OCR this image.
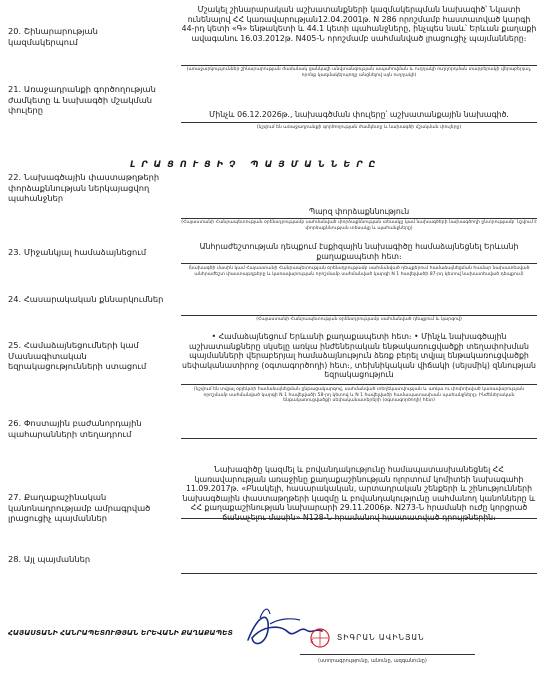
20. Շինարարության կազմակերպում
Մշակել շինարարական աշխատանքների կազմակերպման նախագիծ՝ Նկատի ունենալով ՀՀ կառավարության12.04.2001թ. N 286 որոշմամբ հաստատված կարգի 44-րդ կետի «Գ» ենթակետի և 44.1 կետի պահանջները, ինչպես նաև՝ Երևան քաղաքի ավագանու 16.03.2012թ. N405-Ն որոշմամբ սահմանված լրացուցիչ պայմանները։
(առաջարկություններ շինարարության ժամանակ ցանկալի անվտանգության ապահովման և ուղղակի ուղղորդման տարբերակի վերաբերյալ, որոնք կազմակերպողը անցնելով այն ուղղակի)
21. Առաջադրանքի գործողության ժամկետը և նախագծի մշակման փուլերը	Մինչև 06.12.2026թ., նախագծման փուլերը՝ աշխատանքային նախագիծ.
(նշվում են առաջադրանքի գործողության ժամկետը և նախագծի մշակման փուլերը)
ԼՐԱՑՈՒՑԻՉ ՊԱՅՄԱՆՆԵՐԸ
22. Նախագծային փաստաթղթերի փորձաքննության ներկայացվող պահանջներ
Պարզ փորձաքննություն
(Հայաստանի Հանրապետության օրենսդրությամբ սահմանված փորձաքննության տեսակը կամ նախագծերի նախագծողի ընտրությամբ՝ նշվում է փորձաքննության տեսակը և պահանջները)
23. Միջանկյալ համաձայնեցում
Անհրաժեշտության դեպքում էսքիզային նախագիծը համաձայնեցնել Երևանի քաղաքապետի հետ։
(նախագծի մասին կամ Հայաստանի Հանրապետության օրենսդրությամբ սահմանված դեպքերում համաձայնեցման համար նախատեսված անհրաժեշտ փաստաթղթերը և կառավարության որոշմամբ սահմանված կարգի N 1 հավելվածի 87-րդ կետով նախատեսված դեպքում)
24. Հասարակական քննարկումներ
(Հայաստանի Հանրապետության օրենսդրությամբ սահմանված դեպքում և կարգով)
25. Համաձայնեցումների կամ Մասնագիտական եզրակացությունների ստացում
• Համաձայնեցում Երևանի քաղաքապետի հետ։ • Մինչև նախագծային աշխատանքները սկսելը առկա ինժեներական ենթակառուցվածքի տեղափոխման պայմանների վերաբերյալ համաձայնություն ձեռք բերել տվյալ ենթակառուցվածքի սեփականատիրոջ (օգտագործողի) հետ։, տեխնիկական վիճակի (սեյսմիկ) զննության եզրակացություն
(նշվում են տվյալ օբյեկտի համաձայնեցման ընթացակարգով, սահմանված տեղեկատվության և առկա ու փոփոխված կառավարության որոշմամբ սահմանված կարգի N 1 հավելվածի 58-րդ կետով և N 1 հավելվածի համապատասխան պահանջները։ Ինժեներական ենթակառուցվածքի սեփականատերերի (օգտագործողի) հետ)
26. Փոստային բաժանորդային պահարանների տեղադրում
27. Քաղաքաշինական կանոնադրությամբ ամրագրված լրացուցիչ պայմաններ
Նախագիծը կազմել և բովանդակությունը համապատասխանեցնել ՀՀ կառավարության առաջինը քաղաքաշինության ոլորտում կոմիտեի նախագահի 11.09.2017թ. «Բնակելի, հասարակական, արտադրական շենքերի և շինությունների նախագծային փաստաթղթերի կազմը և բովանդակությունը սահմանող կանոնները և ՀՀ քաղաքաշինության նախարարի 29.11.2006թ. N273-Ն հրամանի ուժը կորցրած ճանաչելու մասին» N128-Ն հրամանով հաստատված դրույթներին։
28. Այլ պայմաններ
ՀԱՅԱՍՏԱՆԻ ՀԱՆՐԱՊԵՏՈՒԹՅԱՆ ԵՐԵՎԱՆԻ ՔԱՂԱՔԱՊԵՏ
Տ	ՏԻԳՐԱՆ ԱՎԻՆՅԱՆ
(ստորագրությունը, անունը, ազգանունը)
